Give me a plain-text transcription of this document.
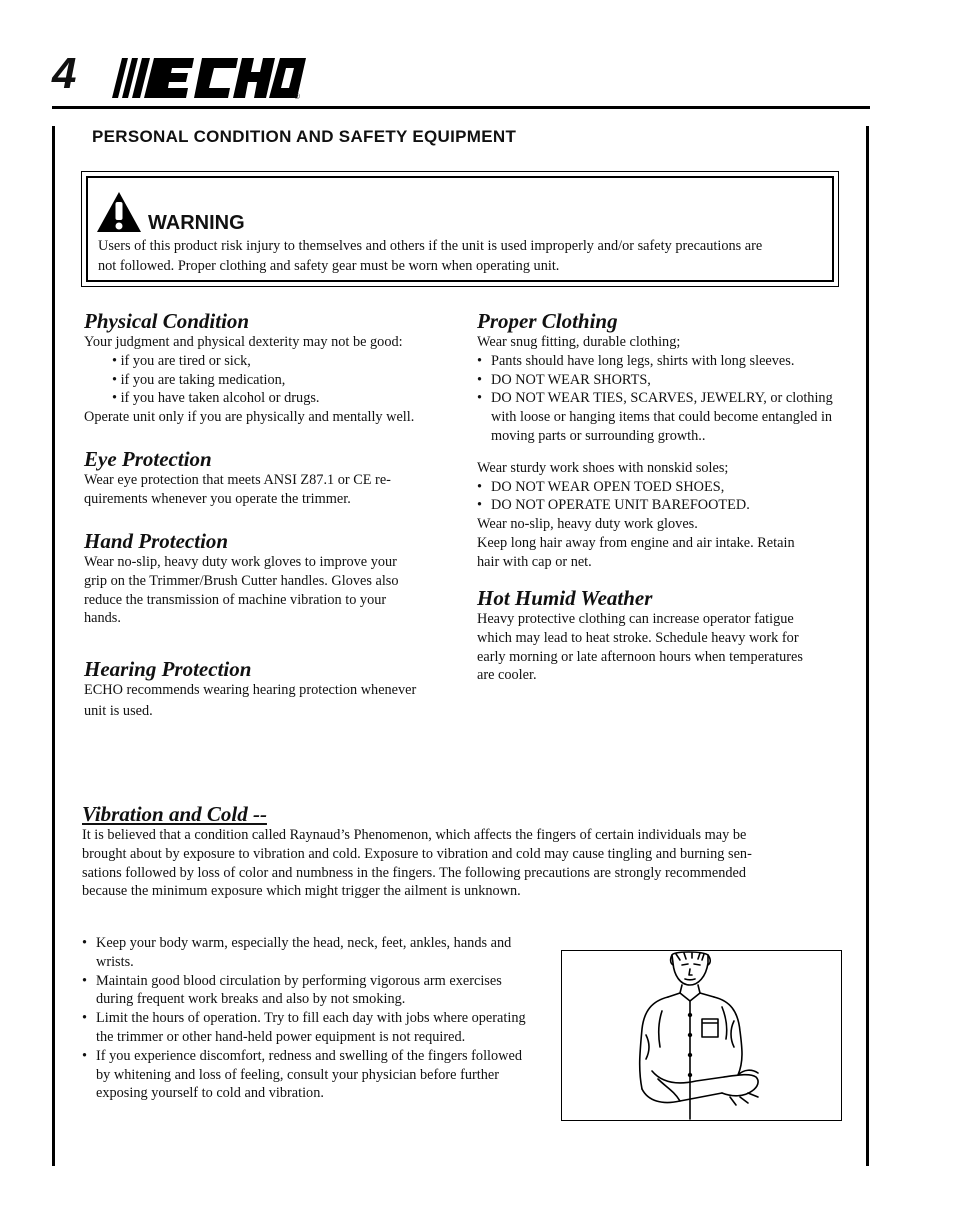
4	®
PERSONAL CONDITION AND SAFETY EQUIPMENT
WARNING
Users of this product risk injury to themselves and others if the unit is used improperly and/or safety precautions are
not followed. Proper clothing and safety gear must be worn when operating unit.
Physical Condition

Your judgment and physical dexterity may not be good:

• if you are tired or sick,

• if you are taking medication,

• if you have taken alcohol or drugs.

Operate unit only if you are physically and mentally well.

Eye Protection

Wear eye protection that meets ANSI Z87.1 or CE re-

quirements whenever you operate the trimmer.

Hand Protection

Wear no-slip, heavy duty work gloves to improve your

grip on the Trimmer/Brush Cutter handles. Gloves also

reduce the transmission of machine vibration to your

hands.

Hearing Protection

ECHO recommends wearing hearing protection whenever

unit is used.

Proper Clothing

Wear snug fitting, durable clothing;

• Pants should have long legs, shirts with long sleeves.
• DO NOT WEAR SHORTS,
• DO NOT WEAR TIES, SCARVES, JEWELRY, or clothing with loose or hanging items that could become entangled in moving parts or surrounding growth..

Wear sturdy work shoes with nonskid soles;

• DO NOT WEAR OPEN TOED SHOES,
• DO NOT OPERATE UNIT BAREFOOTED.

Wear no-slip, heavy duty work gloves.

Keep long hair away from engine and air intake. Retain

hair with cap or net.

Hot Humid Weather

Heavy protective clothing can increase operator fatigue

which may lead to heat stroke. Schedule heavy work for

early morning or late afternoon hours when temperatures

are cooler.

Vibration and Cold --

It is believed that a condition called Raynaud’s Phenomenon, which affects the fingers of certain individuals may be

brought about by exposure to vibration and cold. Exposure to vibration and cold may cause tingling and burning sen-

sations followed by loss of color and numbness in the fingers. The following precautions are strongly recommended

because the minimum exposure which might trigger the ailment is unknown.

• Keep your body warm, especially the head, neck, feet, ankles, hands and wrists.
• Maintain good blood circulation by performing vigorous arm exercises during frequent work breaks and also by not smoking.
• Limit the hours of operation. Try to fill each day with jobs where operating the trimmer or other hand-held power equipment is not required.
• If you experience discomfort, redness and swelling of the fingers followed by whitening and loss of feeling, consult your physician before further exposing yourself to cold and vibration.
